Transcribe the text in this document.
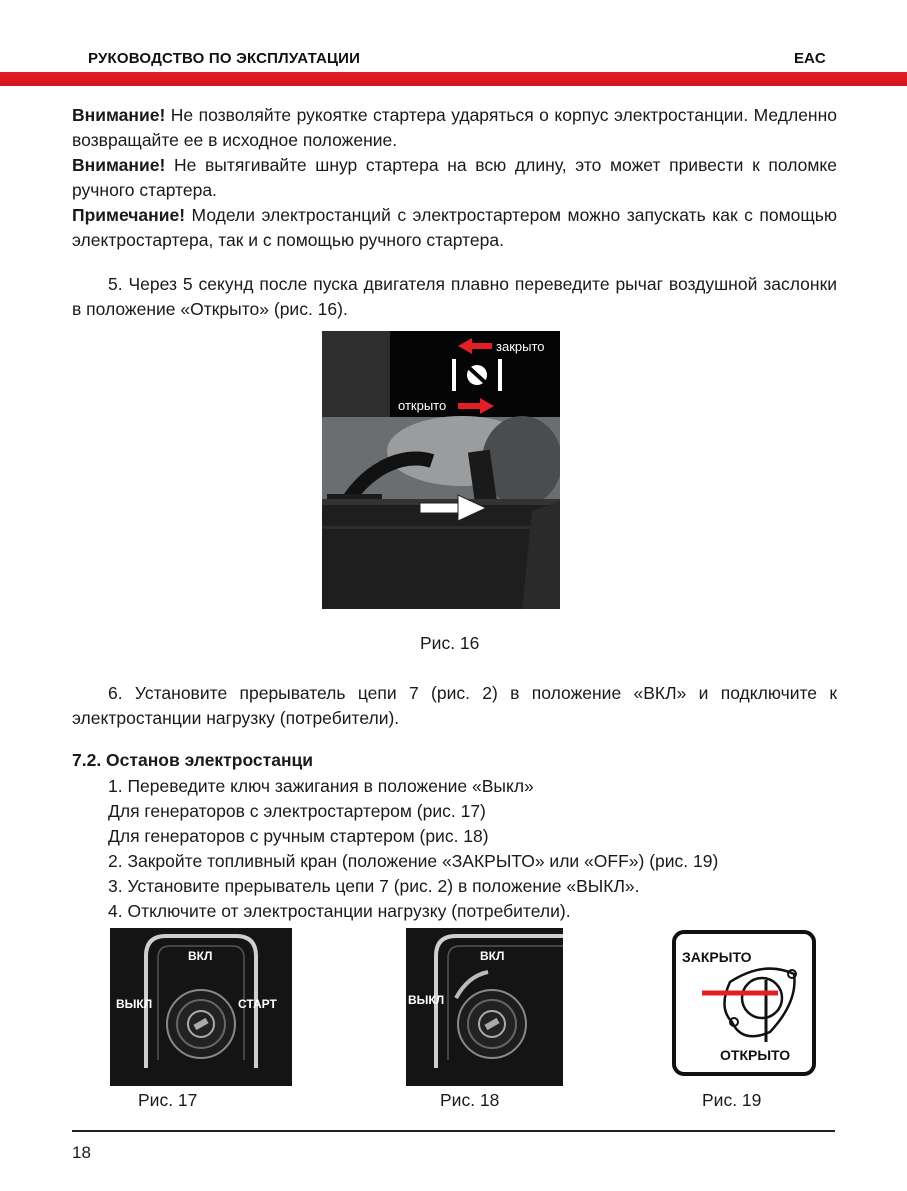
РУКОВОДСТВО ПО ЭКСПЛУАТАЦИИ	EAC
Внимание! Не позволяйте рукоятке стартера ударяться о корпус электростанции. Медленно возвращайте ее в исходное положение.
Внимание! Не вытягивайте шнур стартера на всю длину, это может привести к поломке ручного стартера.
Примечание! Модели электростанций с электростартером можно запускать как с помощью электростартера, так и с помощью ручного стартера.
5. Через 5 секунд после пуска двигателя плавно переведите рычаг воздушной заслонки в положение «Открыто» (рис. 16).
закрыто
открыто
Рис. 16
6. Установите прерыватель цепи 7 (рис. 2) в положение «ВКЛ» и подключите к электростанции нагрузку (потребители).
7.2. Останов электростанци
1. Переведите ключ зажигания в положение «Выкл»
Для генераторов с электростартером (рис. 17)
Для генераторов с ручным стартером (рис. 18)
2. Закройте топливный кран (положение «ЗАКРЫТО» или «OFF») (рис. 19)
3. Установите прерыватель цепи 7 (рис. 2) в положение «ВЫКЛ».
4. Отключите от электростанции нагрузку (потребители).
ВКЛ
ВЫКЛ	СТАРТ
Рис. 17
ВКЛ
ВЫКЛ
Рис. 18
ЗАКРЫТО
ОТКРЫТО
Рис. 19
18
